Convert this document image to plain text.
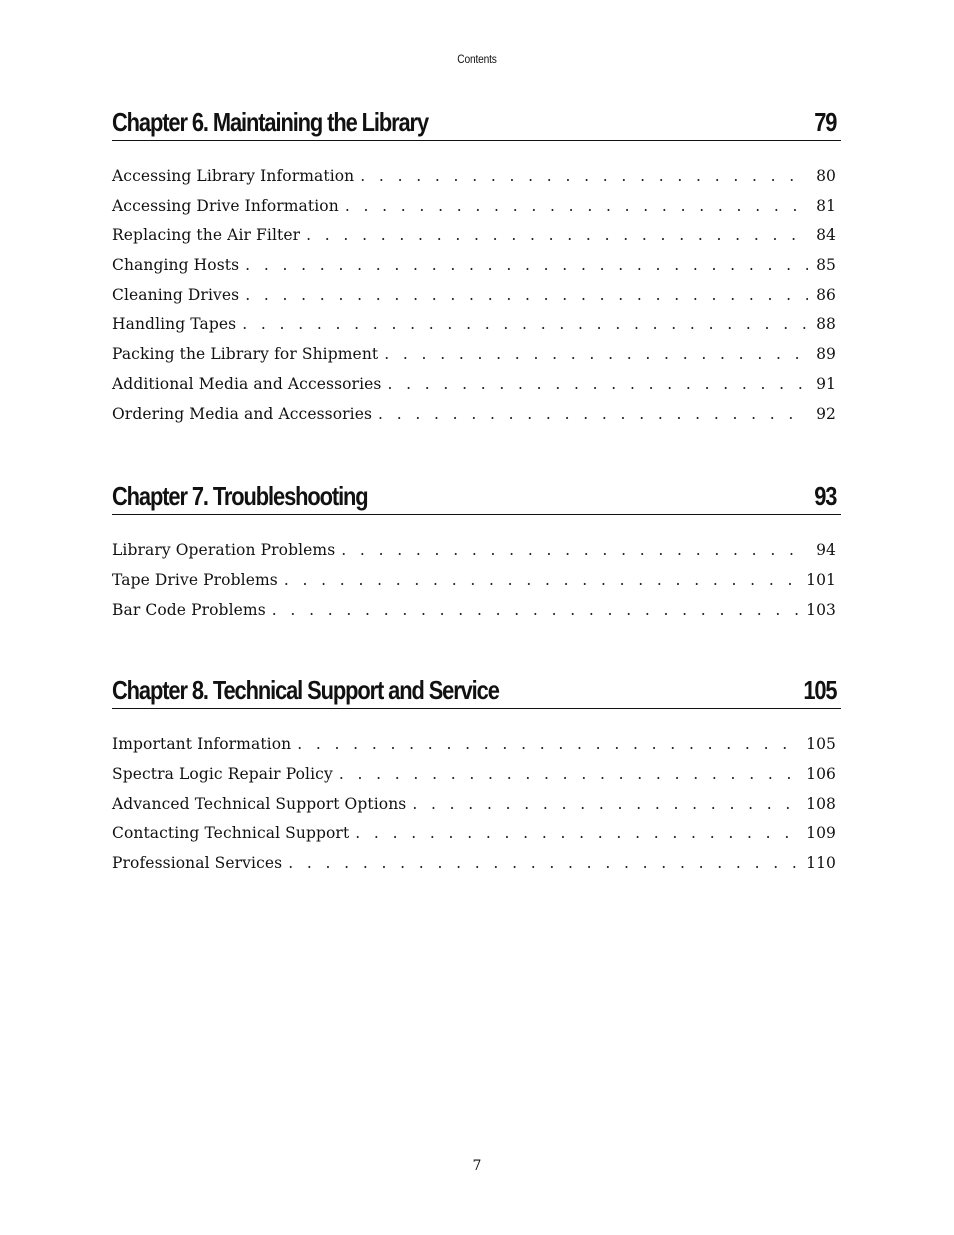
Contents
Chapter 6. Maintaining the Library	79
Accessing Library Information . . .	80
Accessing Drive Information . . .	81
Replacing the Air Filter . . .	84
Changing Hosts . . .	85
Cleaning Drives . . .	86
Handling Tapes . . .	88
Packing the Library for Shipment . . .	89
Additional Media and Accessories . . .	91
Ordering Media and Accessories . . .	92
Chapter 7. Troubleshooting	93
Library Operation Problems . . .	94
Tape Drive Problems . . .	101
Bar Code Problems . . .	103
Chapter 8. Technical Support and Service	105
Important Information . . .	105
Spectra Logic Repair Policy . . .	106
Advanced Technical Support Options . . .	108
Contacting Technical Support . . .	109
Professional Services . . .	110
7
